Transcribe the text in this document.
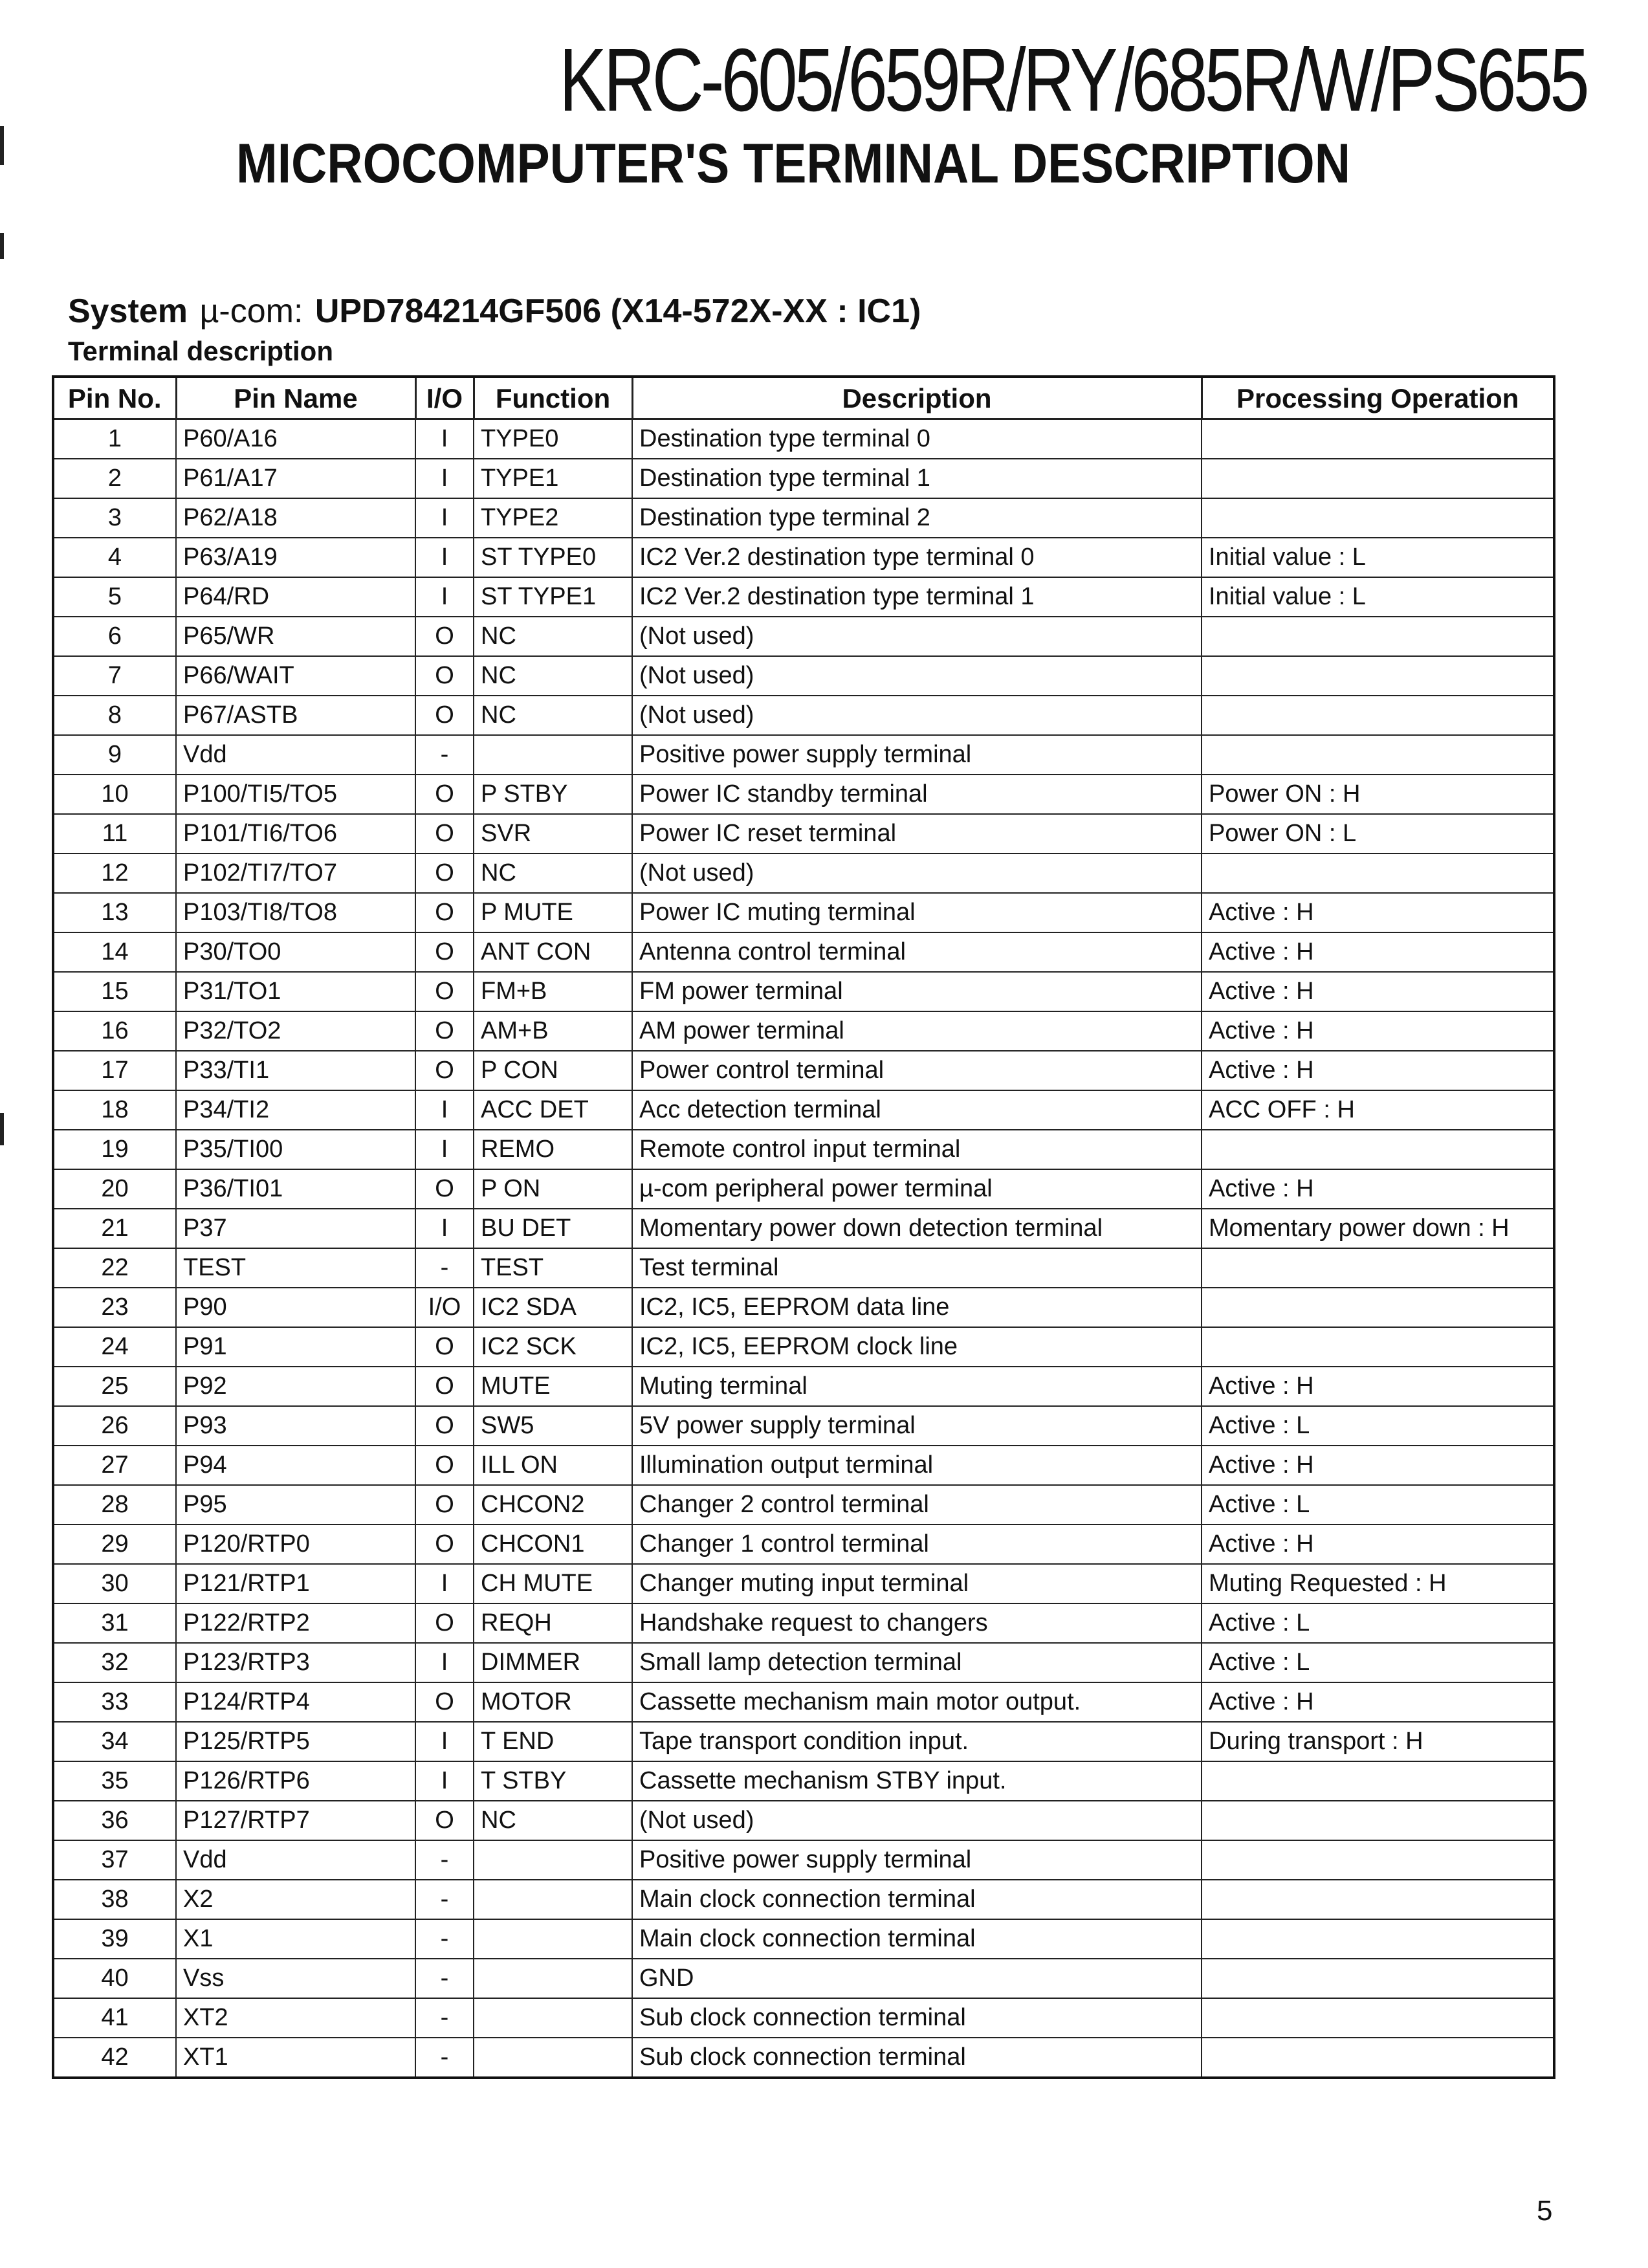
KRC-605/659R/RY/685R/W/PS655
MICROCOMPUTER'S TERMINAL DESCRIPTION
System µ-com: UPD784214GF506 (X14-572X-XX : IC1)
Terminal description
Pin No.	Pin Name	I/O	Function	Description	Processing Operation
1	P60/A16	I	TYPE0	Destination type terminal 0	
2	P61/A17	I	TYPE1	Destination type terminal 1	
3	P62/A18	I	TYPE2	Destination type terminal 2	
4	P63/A19	I	ST TYPE0	IC2 Ver.2 destination type terminal 0	Initial value : L
5	P64/RD	I	ST TYPE1	IC2 Ver.2 destination type terminal 1	Initial value : L
6	P65/WR	O	NC	(Not used)	
7	P66/WAIT	O	NC	(Not used)	
8	P67/ASTB	O	NC	(Not used)	
9	Vdd	-		Positive power supply terminal	
10	P100/TI5/TO5	O	P STBY	Power IC standby terminal	Power ON : H
11	P101/TI6/TO6	O	SVR	Power IC reset terminal	Power ON : L
12	P102/TI7/TO7	O	NC	(Not used)	
13	P103/TI8/TO8	O	P MUTE	Power IC muting terminal	Active : H
14	P30/TO0	O	ANT CON	Antenna control terminal	Active : H
15	P31/TO1	O	FM+B	FM power terminal	Active : H
16	P32/TO2	O	AM+B	AM power terminal	Active : H
17	P33/TI1	O	P CON	Power control terminal	Active : H
18	P34/TI2	I	ACC DET	Acc detection terminal	ACC OFF : H
19	P35/TI00	I	REMO	Remote control input terminal	
20	P36/TI01	O	P ON	µ-com peripheral power terminal	Active : H
21	P37	I	BU DET	Momentary power down detection terminal	Momentary power down : H
22	TEST	-	TEST	Test terminal	
23	P90	I/O	IC2 SDA	IC2, IC5, EEPROM data line	
24	P91	O	IC2 SCK	IC2, IC5, EEPROM clock line	
25	P92	O	MUTE	Muting terminal	Active : H
26	P93	O	SW5	5V power supply terminal	Active : L
27	P94	O	ILL ON	Illumination output terminal	Active : H
28	P95	O	CHCON2	Changer 2 control terminal	Active : L
29	P120/RTP0	O	CHCON1	Changer 1 control terminal	Active : H
30	P121/RTP1	I	CH MUTE	Changer muting input terminal	Muting Requested : H
31	P122/RTP2	O	REQH	Handshake request to changers	Active : L
32	P123/RTP3	I	DIMMER	Small lamp detection terminal	Active : L
33	P124/RTP4	O	MOTOR	Cassette mechanism main motor output.	Active : H
34	P125/RTP5	I	T END	Tape transport condition input.	During transport : H
35	P126/RTP6	I	T STBY	Cassette mechanism STBY input.	
36	P127/RTP7	O	NC	(Not used)	
37	Vdd	-		Positive power supply terminal	
38	X2	-		Main clock connection terminal	
39	X1	-		Main clock connection terminal	
40	Vss	-		GND	
41	XT2	-		Sub clock connection terminal	
42	XT1	-		Sub clock connection terminal	
5
